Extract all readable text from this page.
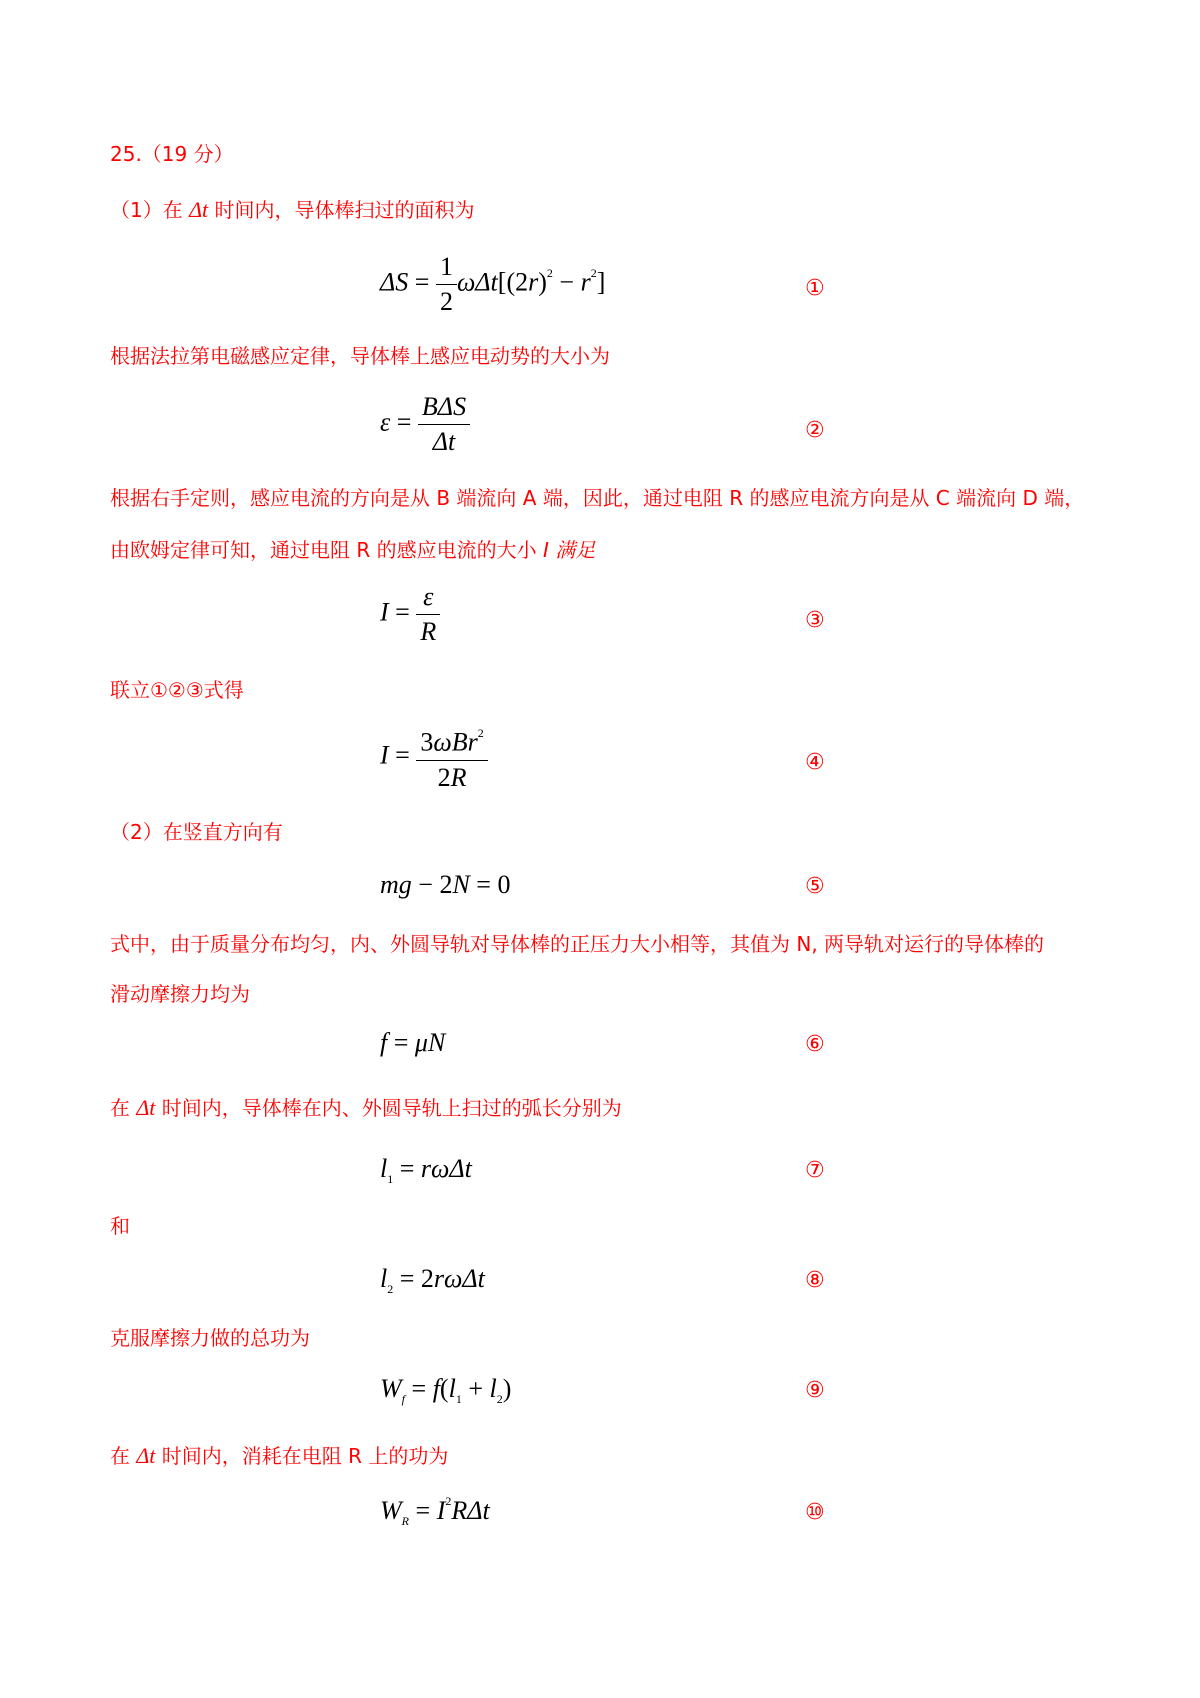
25.（19 分）
（1）在 Δt 时间内，导体棒扫过的面积为
$\Delta S = \frac{1}{2} \omega\Delta t[(2r)^2 - r^2]$	①
根据法拉第电磁感应定律，导体棒上感应电动势的大小为
$\varepsilon = \frac{\text{BΔS}}{\Delta t}$	②
根据右手定则，感应电流的方向是从 B 端流向 A 端，因此，通过电阻 R 的感应电流方向是从 C 端流向 D 端，
由欧姆定律可知，通过电阻 R 的感应电流的大小 I 满足
$I = \frac{\varepsilon}{R}$	③
联立①②③式得
$I = \frac{3\omega Br^2}{2R}$	④
（2）在竖直方向有
mg − 2N = 0	⑤
式中，由于质量分布均匀，内、外圆导轨对导体棒的正压力大小相等，其值为 N, 两导轨对运行的导体棒的
滑动摩擦力均为
f = μN	⑥
在 Δt 时间内，导体棒在内、外圆导轨上扫过的弧长分别为
$l_1 = r\omega\Delta t$	⑦
和
$l_2 = 2r\omega\Delta t$	⑧
克服摩擦力做的总功为
$W_f = f(l_1 + l_2)$	⑨
在 Δt 时间内，消耗在电阻 R 上的功为
$W_R = I^2R\Delta t$	⑩
